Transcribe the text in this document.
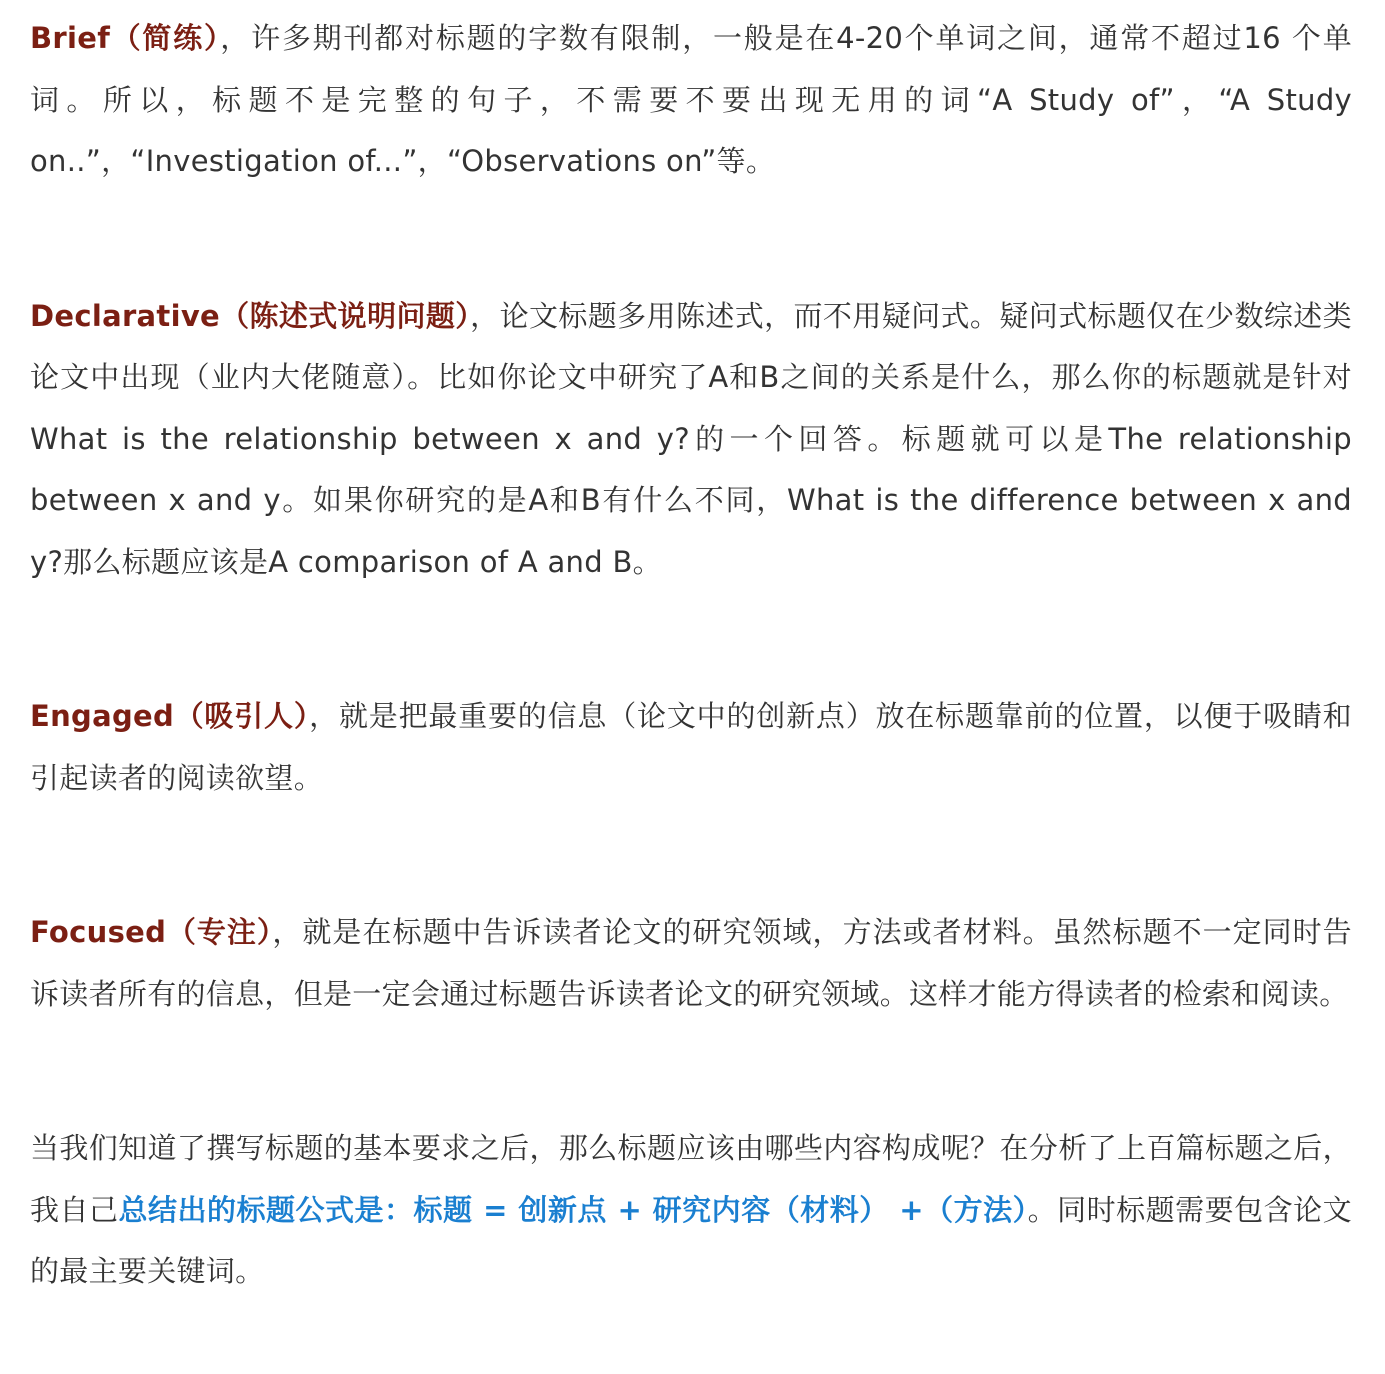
Brief（简练），许多期刊都对标题的字数有限制，一般是在4-20个单词之间，通常不超过16 个单词。所以，标题不是完整的句子，不需要不要出现无用的词“A Study of”，“A Study on..”，“Investigation of...”，“Observations on”等。

Declarative（陈述式说明问题），论文标题多用陈述式，而不用疑问式。疑问式标题仅在少数综述类论文中出现（业内大佬随意）。比如你论文中研究了A和B之间的关系是什么，那么你的标题就是针对What is the relationship between x and y?的一个回答。标题就可以是The relationship between x and y。如果你研究的是A和B有什么不同，What is the difference between x and y?那么标题应该是A comparison of A and B。

Engaged（吸引人），就是把最重要的信息（论文中的创新点）放在标题靠前的位置，以便于吸睛和引起读者的阅读欲望。

Focused（专注），就是在标题中告诉读者论文的研究领域，方法或者材料。虽然标题不一定同时告诉读者所有的信息，但是一定会通过标题告诉读者论文的研究领域。这样才能方得读者的检索和阅读。

当我们知道了撰写标题的基本要求之后，那么标题应该由哪些内容构成呢？在分析了上百篇标题之后，我自己总结出的标题公式是：标题 = 创新点 + 研究内容（材料） +（方法）。同时标题需要包含论文的最主要关键词。
